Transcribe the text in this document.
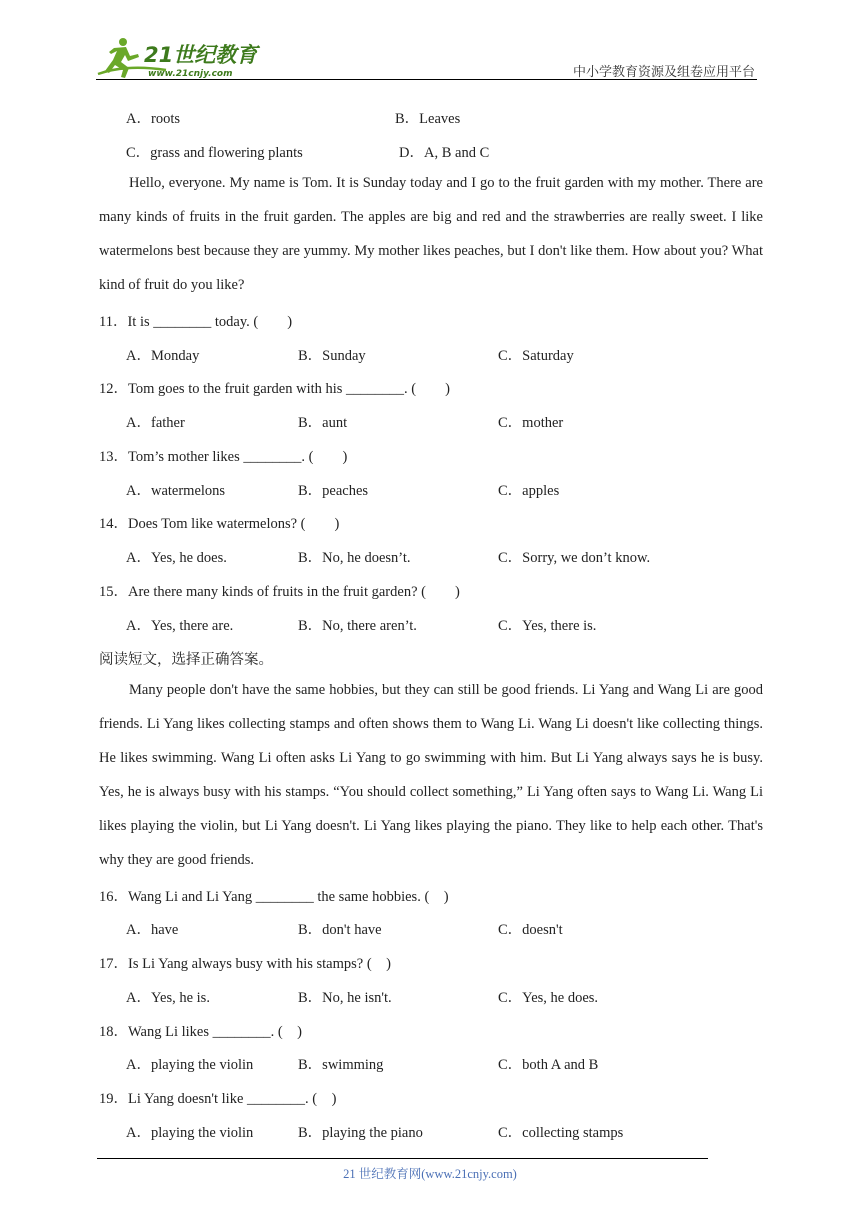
21世纪教育
www.21cnjy.com	中小学教育资源及组卷应用平台
A．roots	B．Leaves
C．grass and flowering plants	D．A, B and C
Hello, everyone. My name is Tom. It is Sunday today and I go to the fruit garden with my mother. There are many kinds of fruits in the fruit garden. The apples are big and red and the strawberries are really sweet. I like watermelons best because they are yummy. My mother likes peaches, but I don't like them. How about you? What kind of fruit do you like?
11．It is ________ today. (　　)
A．Monday	B．Sunday	C．Saturday
12．Tom goes to the fruit garden with his ________. (　　)
A．father	B．aunt	C．mother
13．Tom’s mother likes ________. (　　)
A．watermelons	B．peaches	C．apples
14．Does Tom like watermelons? (　　)
A．Yes, he does.	B．No, he doesn’t.	C．Sorry, we don’t know.
15．Are there many kinds of fruits in the fruit garden? (　　)
A．Yes, there are.	B．No, there aren’t.	C．Yes, there is.
阅读短文，选择正确答案。
Many people don't have the same hobbies, but they can still be good friends. Li Yang and Wang Li are good friends. Li Yang likes collecting stamps and often shows them to Wang Li. Wang Li doesn't like collecting things. He likes swimming. Wang Li often asks Li Yang to go swimming with him. But Li Yang always says he is busy. Yes, he is always busy with his stamps. “You should collect something,” Li Yang often says to Wang Li. Wang Li likes playing the violin, but Li Yang doesn't. Li Yang likes playing the piano. They like to help each other. That's why they are good friends.
16．Wang Li and Li Yang ________ the same hobbies. (　)
A．have	B．don't have	C．doesn't
17．Is Li Yang always busy with his stamps? (　)
A．Yes, he is.	B．No, he isn't.	C．Yes, he does.
18．Wang Li likes ________. (　)
A．playing the violin	B．swimming	C．both A and B
19．Li Yang doesn't like ________. (　)
A．playing the violin	B．playing the piano	C．collecting stamps
21 世纪教育网(www.21cnjy.com)
